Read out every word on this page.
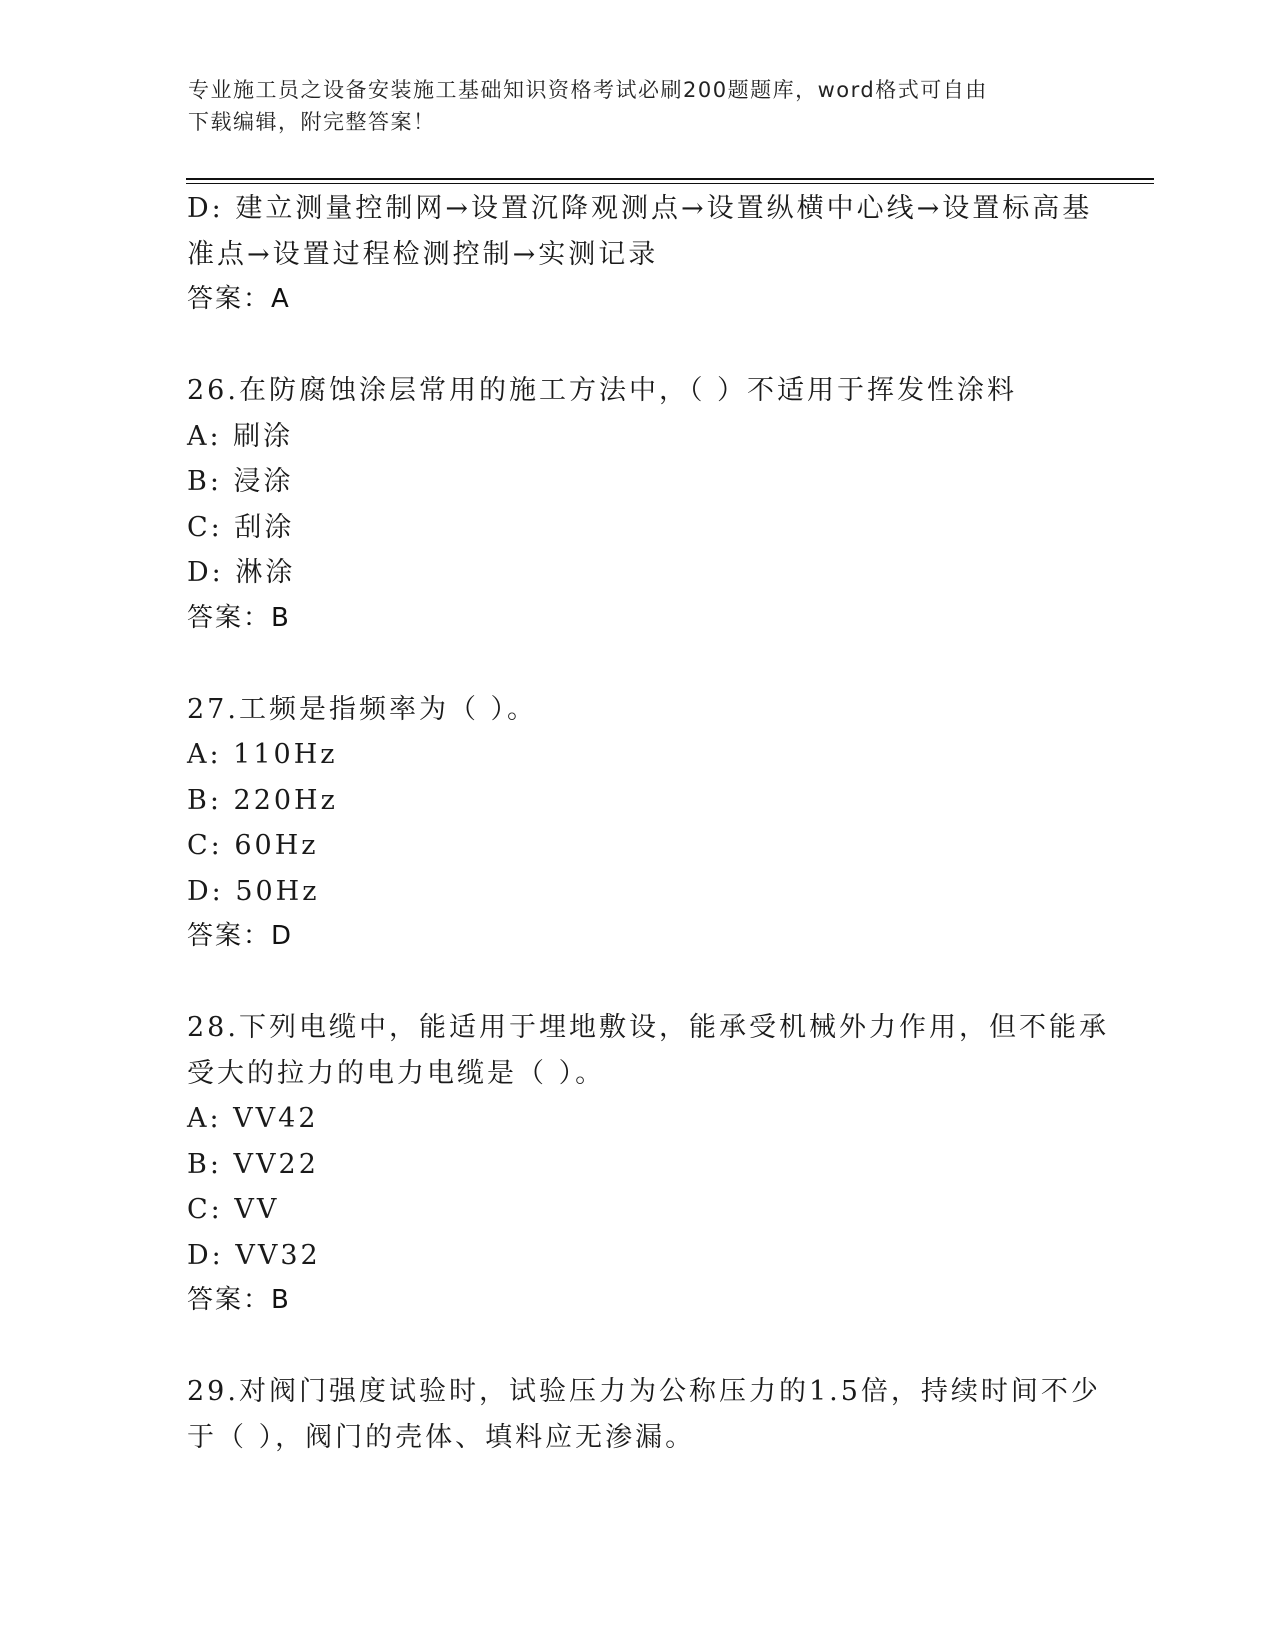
专业施工员之设备安装施工基础知识资格考试必刷200题题库，word格式可自由
下载编辑，附完整答案！
D: 建立测量控制网→设置沉降观测点→设置纵横中心线→设置标高基
准点→设置过程检测控制→实测记录
答案：A
26.在防腐蚀涂层常用的施工方法中，（ ）不适用于挥发性涂料
A: 刷涂
B: 浸涂
C: 刮涂
D: 淋涂
答案：B
27.工频是指频率为（ ）。
A: 110Hz
B: 220Hz
C: 60Hz
D: 50Hz
答案：D
28.下列电缆中，能适用于埋地敷设，能承受机械外力作用，但不能承
受大的拉力的电力电缆是（ ）。
A: VV42
B: VV22
C: VV
D: VV32
答案：B
29.对阀门强度试验时，试验压力为公称压力的1.5倍，持续时间不少
于（ ），阀门的壳体、填料应无渗漏。
